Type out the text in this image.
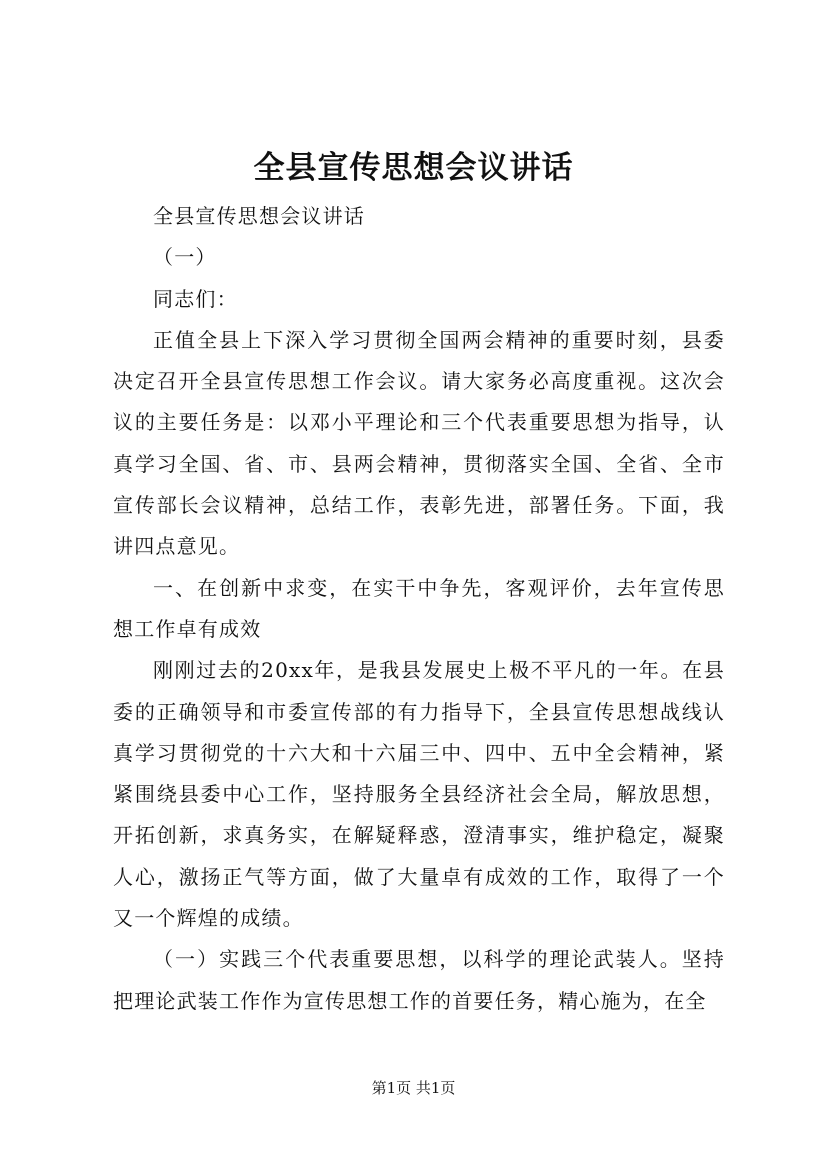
全县宣传思想会议讲话

全县宣传思想会议讲话

（一）

同志们：

正值全县上下深入学习贯彻全国两会精神的重要时刻，县委决定召开全县宣传思想工作会议。请大家务必高度重视。这次会议的主要任务是：以邓小平理论和三个代表重要思想为指导，认真学习全国、省、市、县两会精神，贯彻落实全国、全省、全市宣传部长会议精神，总结工作，表彰先进，部署任务。下面，我讲四点意见。

一、在创新中求变，在实干中争先，客观评价，去年宣传思想工作卓有成效

刚刚过去的20xx年，是我县发展史上极不平凡的一年。在县委的正确领导和市委宣传部的有力指导下，全县宣传思想战线认真学习贯彻党的十六大和十六届三中、四中、五中全会精神，紧紧围绕县委中心工作，坚持服务全县经济社会全局，解放思想，开拓创新，求真务实，在解疑释惑，澄清事实，维护稳定，凝聚人心，激扬正气等方面，做了大量卓有成效的工作，取得了一个又一个辉煌的成绩。

（一）实践三个代表重要思想，以科学的理论武装人。坚持把理论武装工作作为宣传思想工作的首要任务，精心施为，在全

第1页 共1页
